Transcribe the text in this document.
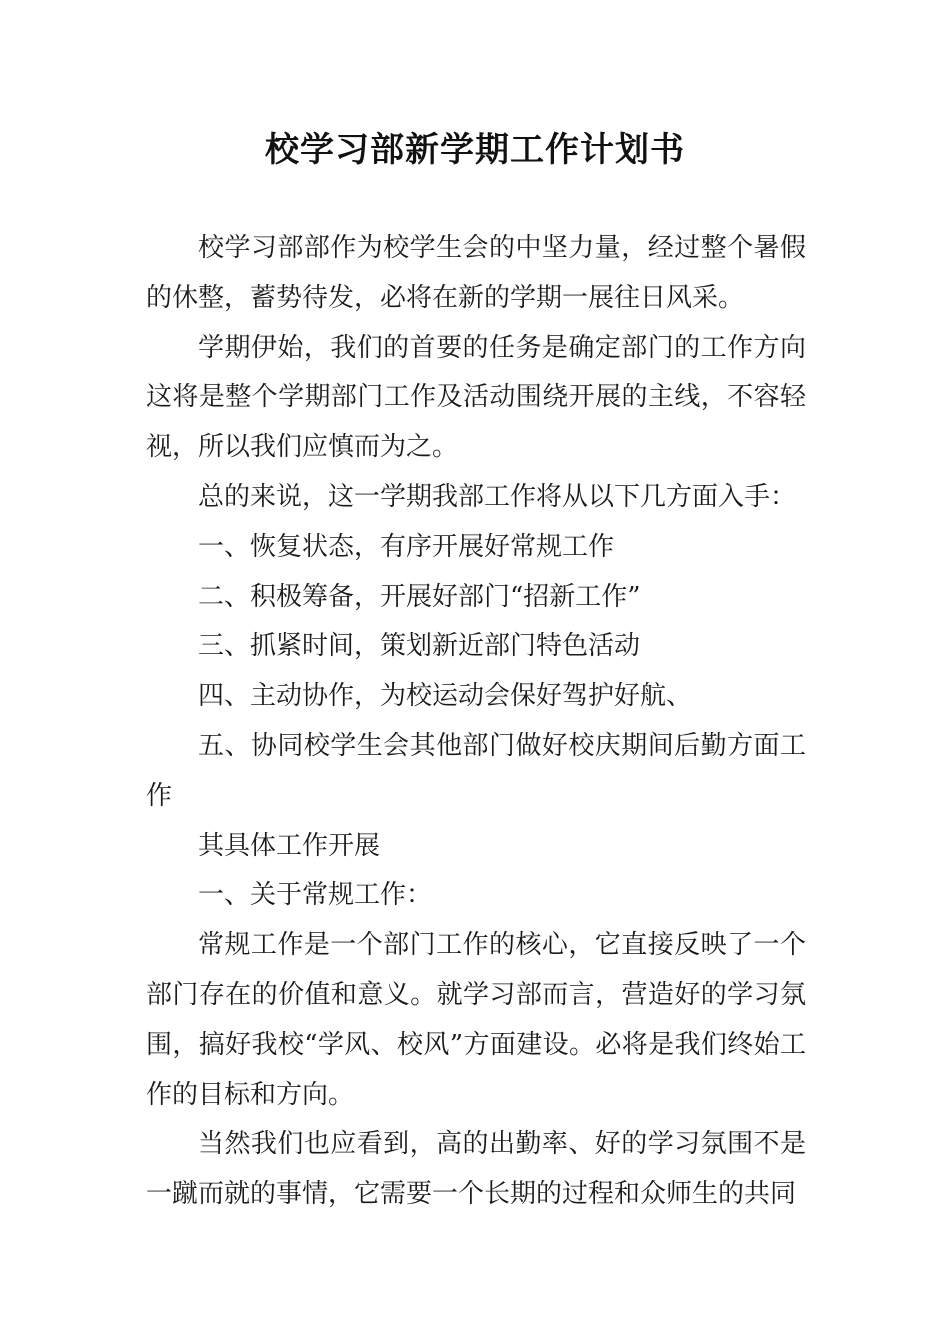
校学习部新学期工作计划书

校学习部部作为校学生会的中坚力量，经过整个暑假的休整，蓄势待发，必将在新的学期一展往日风采。

学期伊始，我们的首要的任务是确定部门的工作方向这将是整个学期部门工作及活动围绕开展的主线，不容轻视，所以我们应慎而为之。

总的来说，这一学期我部工作将从以下几方面入手：

一、恢复状态，有序开展好常规工作

二、积极筹备，开展好部门“招新工作”

三、抓紧时间，策划新近部门特色活动

四、主动协作，为校运动会保好驾护好航、

五、协同校学生会其他部门做好校庆期间后勤方面工作

其具体工作开展

一、关于常规工作：

常规工作是一个部门工作的核心，它直接反映了一个部门存在的价值和意义。就学习部而言，营造好的学习氛围，搞好我校“学风、校风”方面建设。必将是我们终始工作的目标和方向。

当然我们也应看到，高的出勤率、好的学习氛围不是一蹴而就的事情，它需要一个长期的过程和众师生的共同
